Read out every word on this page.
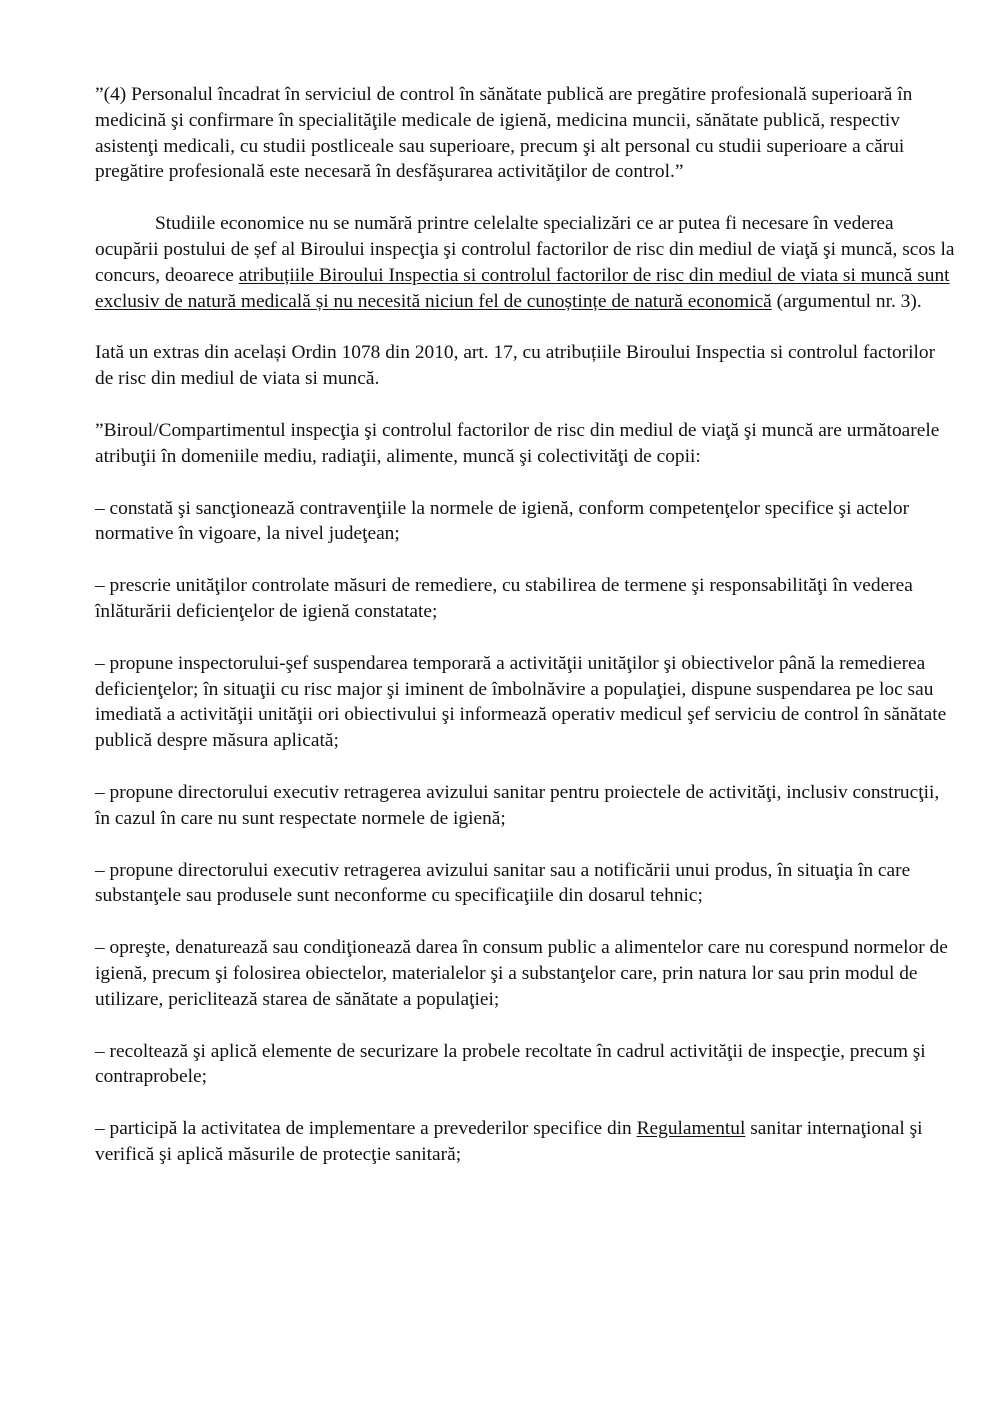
”(4) Personalul încadrat în serviciul de control în sănătate publică are pregătire profesională superioară în medicină şi confirmare în specialităţile medicale de igienă, medicina muncii, sănătate publică, respectiv asistenţi medicali, cu studii postliceale sau superioare, precum şi alt personal cu studii superioare a cărui pregătire profesională este necesară în desfăşurarea activităţilor de control.”

Studiile economice nu se numără printre celelalte specializări ce ar putea fi necesare în vederea ocupării postului de șef al Biroului inspecţia şi controlul factorilor de risc din mediul de viaţă şi muncă, scos la concurs, deoarece atribuțiile Biroului Inspectia si controlul factorilor de risc din mediul de viata si muncă sunt exclusiv de natură medicală și nu necesită niciun fel de cunoștințe de natură economică (argumentul nr. 3).

Iată un extras din același Ordin 1078 din 2010, art. 17, cu atribuțiile Biroului Inspectia si controlul factorilor de risc din mediul de viata si muncă.

”Biroul/Compartimentul inspecţia şi controlul factorilor de risc din mediul de viaţă şi muncă are următoarele atribuţii în domeniile mediu, radiaţii, alimente, muncă şi colectivităţi de copii:

– constată şi sancţionează contravenţiile la normele de igienă, conform competenţelor specifice şi actelor normative în vigoare, la nivel judeţean;

– prescrie unităţilor controlate măsuri de remediere, cu stabilirea de termene şi responsabilităţi în vederea înlăturării deficienţelor de igienă constatate;

– propune inspectorului-şef suspendarea temporară a activităţii unităţilor şi obiectivelor până la remedierea deficienţelor; în situaţii cu risc major şi iminent de îmbolnăvire a populaţiei, dispune suspendarea pe loc sau imediată a activităţii unităţii ori obiectivului şi informează operativ medicul şef serviciu de control în sănătate publică despre măsura aplicată;

– propune directorului executiv retragerea avizului sanitar pentru proiectele de activităţi, inclusiv construcţii, în cazul în care nu sunt respectate normele de igienă;

– propune directorului executiv retragerea avizului sanitar sau a notificării unui produs, în situaţia în care substanţele sau produsele sunt neconforme cu specificaţiile din dosarul tehnic;

– opreşte, denaturează sau condiţionează darea în consum public a alimentelor care nu corespund normelor de igienă, precum şi folosirea obiectelor, materialelor şi a substanţelor care, prin natura lor sau prin modul de utilizare, periclitează starea de sănătate a populaţiei;

– recoltează şi aplică elemente de securizare la probele recoltate în cadrul activităţii de inspecţie, precum şi contraprobele;

– participă la activitatea de implementare a prevederilor specifice din Regulamentul sanitar internaţional şi verifică şi aplică măsurile de protecţie sanitară;
